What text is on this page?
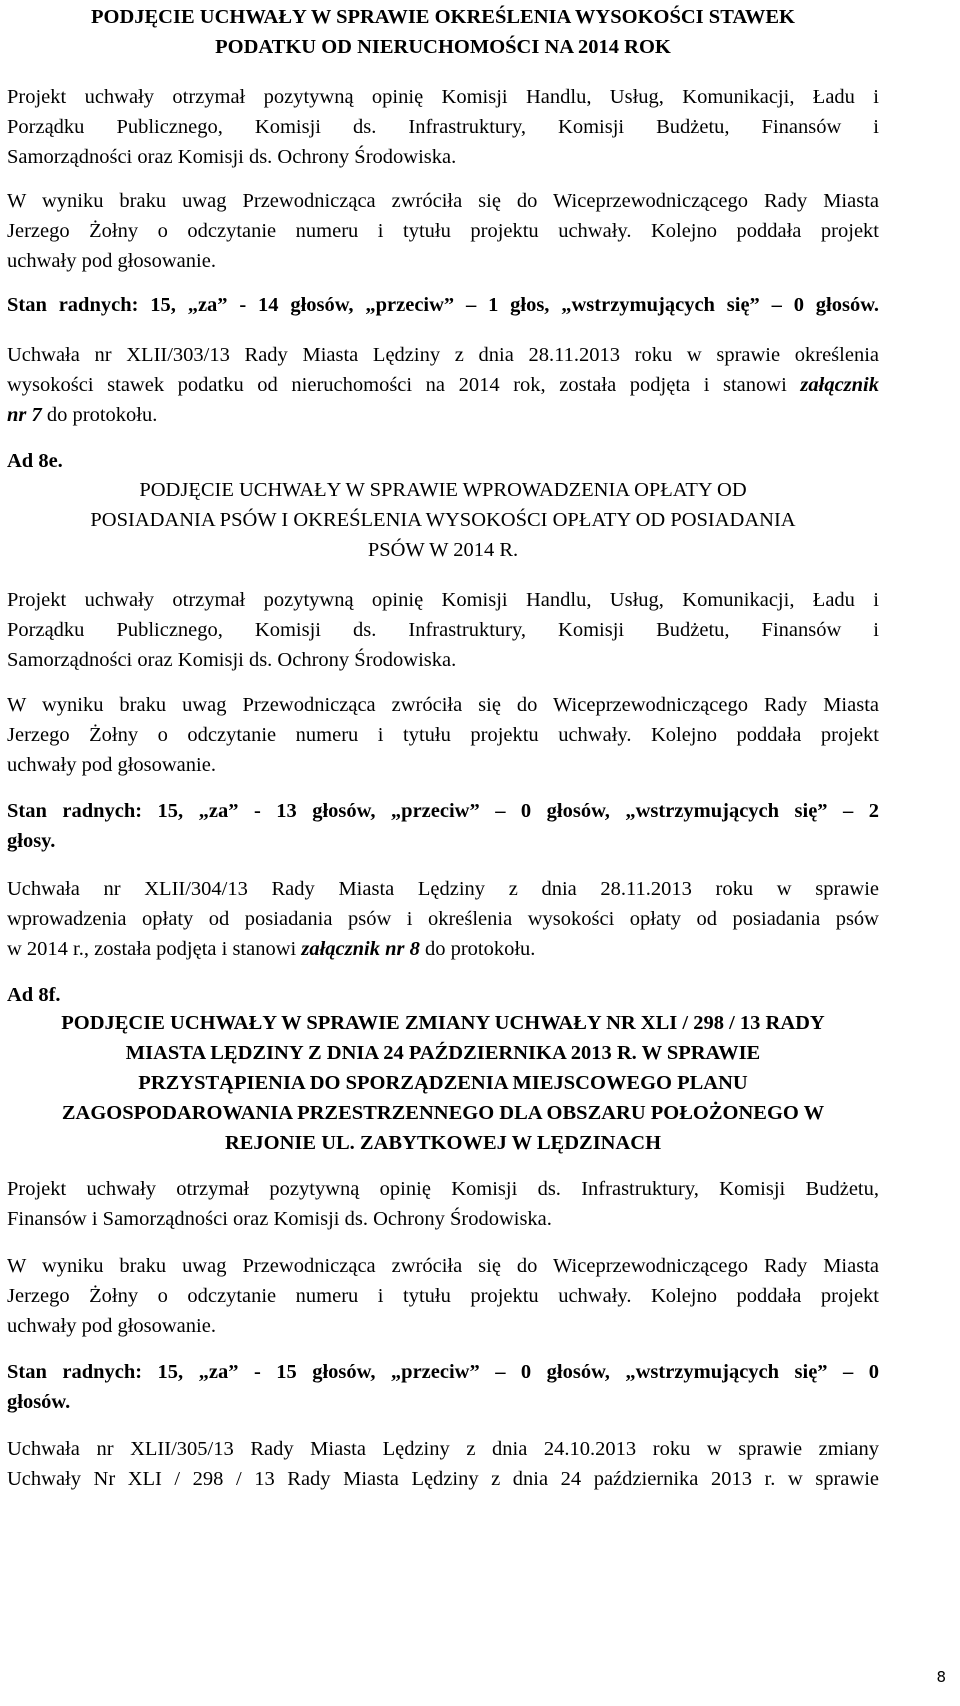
PODJĘCIE UCHWAŁY W SPRAWIE OKREŚLENIA WYSOKOŚCI STAWEK
PODATKU OD NIERUCHOMOŚCI NA 2014 ROK
Projekt uchwały otrzymał pozytywną opinię Komisji Handlu, Usług, Komunikacji, Ładu i
Porządku Publicznego, Komisji ds. Infrastruktury, Komisji Budżetu, Finansów i
Samorządności oraz Komisji ds. Ochrony Środowiska.
W wyniku braku uwag Przewodnicząca zwróciła się do Wiceprzewodniczącego Rady Miasta
Jerzego Żołny o odczytanie numeru i tytułu projektu uchwały. Kolejno poddała projekt
uchwały pod głosowanie.
Stan radnych: 15, „za” - 14 głosów, „przeciw” – 1 głos, „wstrzymujących się” – 0 głosów.
Uchwała nr XLII/303/13 Rady Miasta Lędziny z dnia 28.11.2013 roku w sprawie określenia
wysokości stawek podatku od nieruchomości na 2014 rok, została podjęta i stanowi załącznik
nr 7 do protokołu.
Ad 8e.
PODJĘCIE UCHWAŁY W SPRAWIE WPROWADZENIA OPŁATY OD
POSIADANIA PSÓW I OKREŚLENIA WYSOKOŚCI OPŁATY OD POSIADANIA
PSÓW W 2014 R.
Projekt uchwały otrzymał pozytywną opinię Komisji Handlu, Usług, Komunikacji, Ładu i
Porządku Publicznego, Komisji ds. Infrastruktury, Komisji Budżetu, Finansów i
Samorządności oraz Komisji ds. Ochrony Środowiska.
W wyniku braku uwag Przewodnicząca zwróciła się do Wiceprzewodniczącego Rady Miasta
Jerzego Żołny o odczytanie numeru i tytułu projektu uchwały. Kolejno poddała projekt
uchwały pod głosowanie.
Stan radnych: 15, „za” - 13 głosów, „przeciw” – 0 głosów, „wstrzymujących się” – 2
głosy.
Uchwała nr XLII/304/13 Rady Miasta Lędziny z dnia 28.11.2013 roku w sprawie
wprowadzenia opłaty od posiadania psów i określenia wysokości opłaty od posiadania psów
w 2014 r., została podjęta i stanowi załącznik nr 8 do protokołu.
Ad 8f.
PODJĘCIE UCHWAŁY W SPRAWIE ZMIANY UCHWAŁY NR XLI / 298 / 13 RADY
MIASTA LĘDZINY Z DNIA 24 PAŹDZIERNIKA 2013 R. W SPRAWIE
PRZYSTĄPIENIA DO SPORZĄDZENIA MIEJSCOWEGO PLANU
ZAGOSPODAROWANIA PRZESTRZENNEGO DLA OBSZARU POŁOŻONEGO W
REJONIE UL. ZABYTKOWEJ W LĘDZINACH
Projekt uchwały otrzymał pozytywną opinię Komisji ds. Infrastruktury, Komisji Budżetu,
Finansów i Samorządności oraz Komisji ds. Ochrony Środowiska.
W wyniku braku uwag Przewodnicząca zwróciła się do Wiceprzewodniczącego Rady Miasta
Jerzego Żołny o odczytanie numeru i tytułu projektu uchwały. Kolejno poddała projekt
uchwały pod głosowanie.
Stan radnych: 15, „za” - 15 głosów, „przeciw” – 0 głosów, „wstrzymujących się” – 0
głosów.
Uchwała nr XLII/305/13 Rady Miasta Lędziny z dnia 24.10.2013 roku w sprawie zmiany
Uchwały Nr XLI / 298 / 13 Rady Miasta Lędziny z dnia 24 października 2013 r. w sprawie
8
